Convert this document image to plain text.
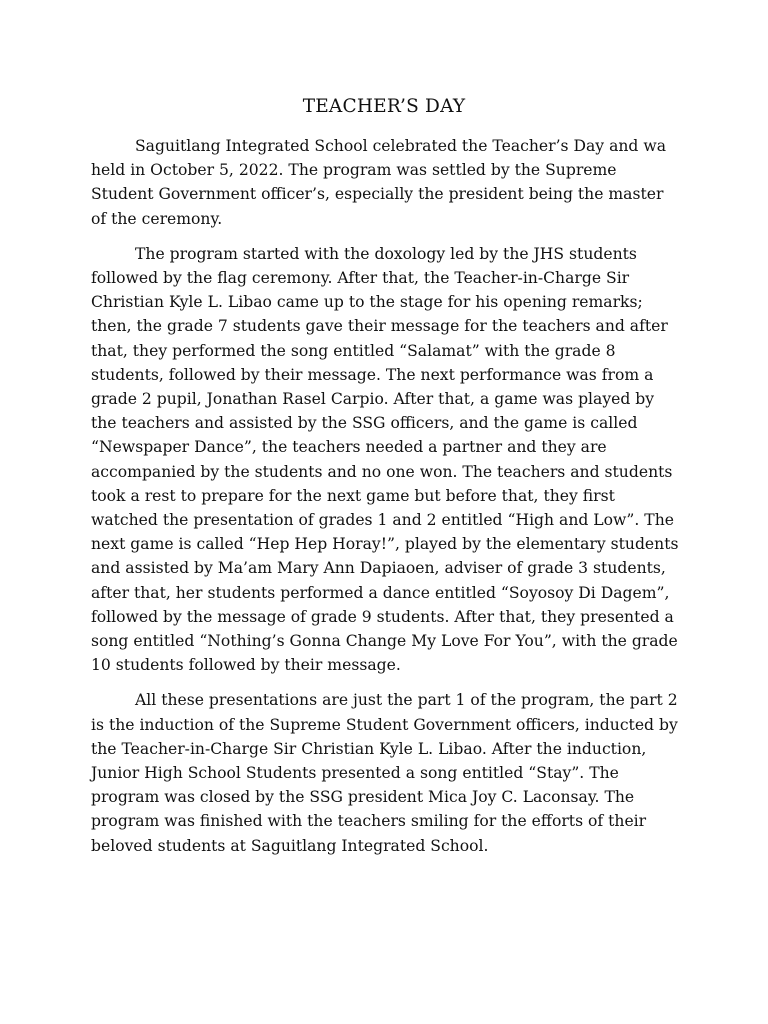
TEACHER’S DAY

Saguitlang Integrated School celebrated the Teacher’s Day and wa held in October 5, 2022. The program was settled by the Supreme Student Government officer’s, especially the president being the master of the ceremony.

The program started with the doxology led by the JHS students followed by the flag ceremony. After that, the Teacher-in-Charge Sir Christian Kyle L. Libao came up to the stage for his opening remarks; then, the grade 7 students gave their message for the teachers and after that, they performed the song entitled “Salamat” with the grade 8 students, followed by their message. The next performance was from a grade 2 pupil, Jonathan Rasel Carpio. After that, a game was played by the teachers and assisted by the SSG officers, and the game is called “Newspaper Dance”, the teachers needed a partner and they are accompanied by the students and no one won. The teachers and students took a rest to prepare for the next game but before that, they first watched the presentation of grades 1 and 2 entitled “High and Low”. The next game is called “Hep Hep Horay!”, played by the elementary students and assisted by Ma’am Mary Ann Dapiaoen, adviser of grade 3 students, after that, her students performed a dance entitled “Soyosoy Di Dagem”, followed by the message of grade 9 students. After that, they presented a song entitled “Nothing’s Gonna Change My Love For You”, with the grade 10 students followed by their message.

All these presentations are just the part 1 of the program, the part 2 is the induction of the Supreme Student Government officers, inducted by the Teacher-in-Charge Sir Christian Kyle L. Libao. After the induction, Junior High School Students presented a song entitled “Stay”. The program was closed by the SSG president Mica Joy C. Laconsay. The program was finished with the teachers smiling for the efforts of their beloved students at Saguitlang Integrated School.
